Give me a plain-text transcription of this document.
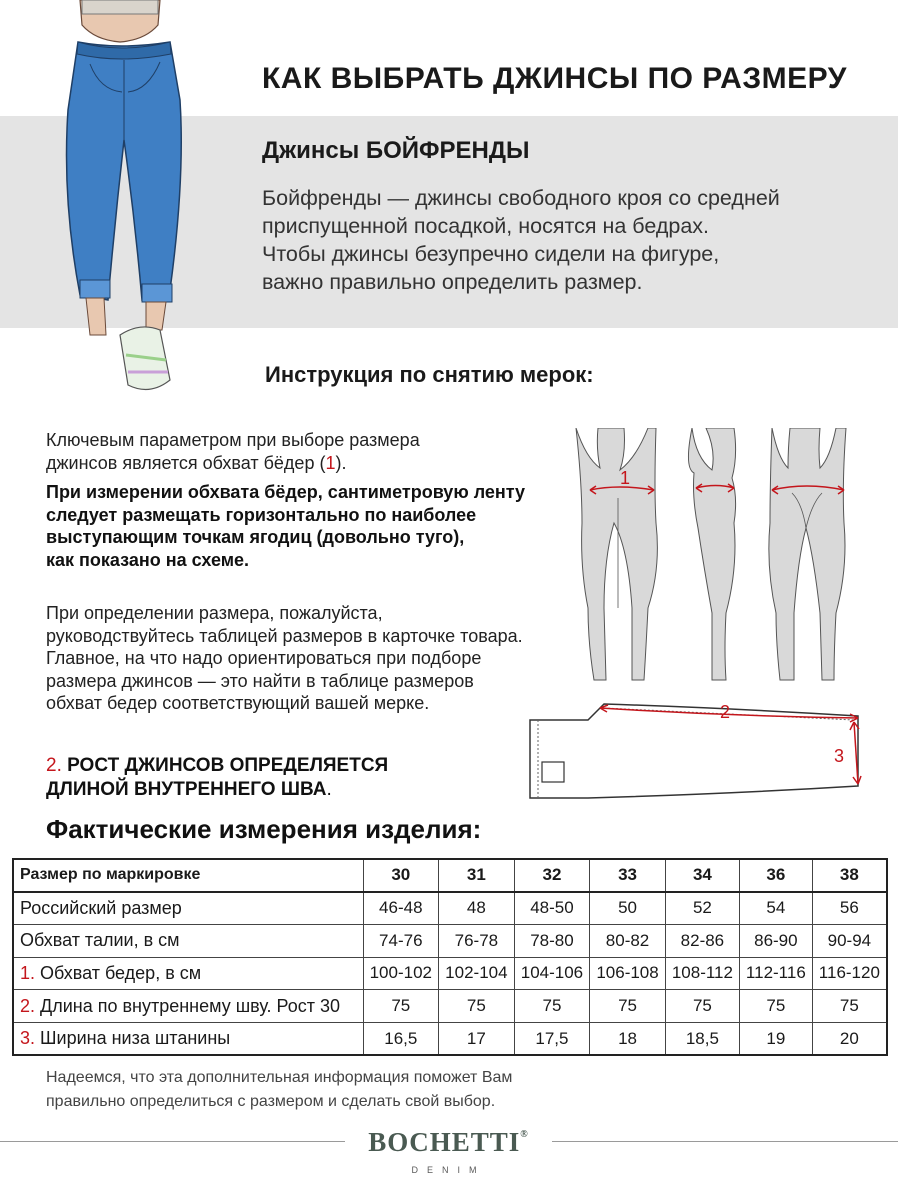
КАК ВЫБРАТЬ ДЖИНСЫ ПО РАЗМЕРУ
Джинсы БОЙФРЕНДЫ
Бойфренды — джинсы свободного кроя со средней
приспущенной посадкой, носятся на бедрах.
Чтобы джинсы безупречно сидели на фигуре,
важно правильно определить размер.
Инструкция по снятию мерок:
Ключевым параметром при выборе размера
джинсов является обхват бёдер (1).
При измерении обхвата бёдер, сантиметровую ленту
следует размещать горизонтально по наиболее
выступающим точкам ягодиц (довольно туго),
как показано на схеме.
При определении размера, пожалуйста,
руководствуйтесь таблицей размеров в карточке товара.
Главное, на что надо ориентироваться при подборе
размера джинсов — это найти в таблице размеров
обхват бедер соответствующий вашей мерке.
2. РОСТ ДЖИНСОВ ОПРЕДЕЛЯЕТСЯ
ДЛИНОЙ ВНУТРЕННЕГО ШВА.
1
2
3
Фактические измерения изделия:
Размер по маркировке	30	31	32	33	34	36	38
Российский размер	46-48	48	48-50	50	52	54	56
Обхват талии, в см	74-76	76-78	78-80	80-82	82-86	86-90	90-94
1. Обхват бедер, в см	100-102	102-104	104-106	106-108	108-112	112-116	116-120
2. Длина по внутреннему шву. Рост 30	75	75	75	75	75	75	75
3. Ширина низа штанины	16,5	17	17,5	18	18,5	19	20
Надеемся, что эта дополнительная информация поможет Вам
правильно определиться с размером и сделать свой выбор.
BOCHETTI®
DENIM
